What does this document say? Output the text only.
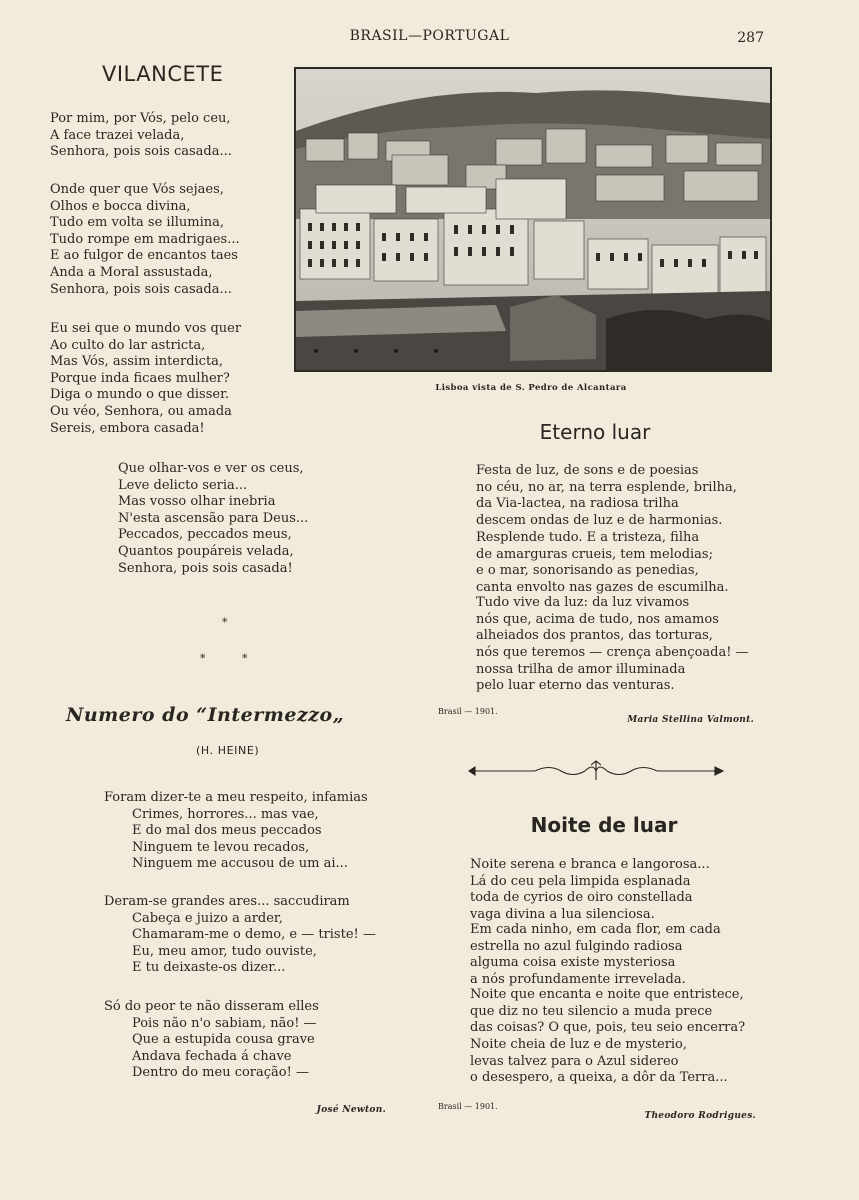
BRASIL—PORTUGAL	287
VILANCETE
Por mim, por Vós, pelo ceu,
A face trazei velada,
Senhora, pois sois casada...
Onde quer que Vós sejaes,
Olhos e bocca divina,
Tudo em volta se illumina,
Tudo rompe em madrigaes...
E ao fulgor de encantos taes
Anda a Moral assustada,
Senhora, pois sois casada...
Eu sei que o mundo vos quer
Ao culto do lar astricta,
Mas Vós, assim interdicta,
Porque inda ficaes mulher?
Diga o mundo o que disser.
Ou véo, Senhora, ou amada
Sereis, embora casada!
Que olhar-vos e ver os ceus,
Leve delicto seria...
Mas vosso olhar inebria
N'esta ascensão para Deus...
Peccados, peccados meus,
Quantos poupáreis velada,
Senhora, pois sois casada!
*
*	*
Lisboa vista de S. Pedro de Alcantara
Eterno luar
Festa de luz, de sons e de poesias
no céu, no ar, na terra esplende, brilha,
da Via-lactea, na radiosa trilha
descem ondas de luz e de harmonias.
Resplende tudo. E a tristeza, filha
de amarguras crueis, tem melodias;
e o mar, sonorisando as penedias,
canta envolto nas gazes de escumilha.
Tudo vive da luz: da luz vivamos
nós que, acima de tudo, nos amamos
alheiados dos prantos, das torturas,
nós que teremos — crença abençoada! —
nossa trilha de amor illuminada
pelo luar eterno das venturas.
Brasil — 1901.
Maria Stellina Valmont.
Numero do “Intermezzo„
(H. HEINE)
Foram dizer-te a meu respeito, infamias
Crimes, horrores... mas vae,
E do mal dos meus peccados
Ninguem te levou recados,
Ninguem me accusou de um ai...
Deram-se grandes ares... saccudiram
Cabeça e juizo a arder,
Chamaram-me o demo, e — triste! —
Eu, meu amor, tudo ouviste,
E tu deixaste-os dizer...
Só do peor te não disseram elles
Pois não n'o sabiam, não! —
Que a estupida cousa grave
Andava fechada á chave
Dentro do meu coração! —
José Newton.
Noite de luar
Noite serena e branca e langorosa...
Lá do ceu pela limpida esplanada
toda de cyrios de oiro constellada
vaga divina a lua silenciosa.
Em cada ninho, em cada flor, em cada
estrella no azul fulgindo radiosa
alguma coisa existe mysteriosa
a nós profundamente irrevelada.
Noite que encanta e noite que entristece,
que diz no teu silencio a muda prece
das coisas? O que, pois, teu seio encerra?
Noite cheia de luz e de mysterio,
levas talvez para o Azul sidereo
o desespero, a queixa, a dôr da Terra...
Brasil — 1901.
Theodoro Rodrigues.
